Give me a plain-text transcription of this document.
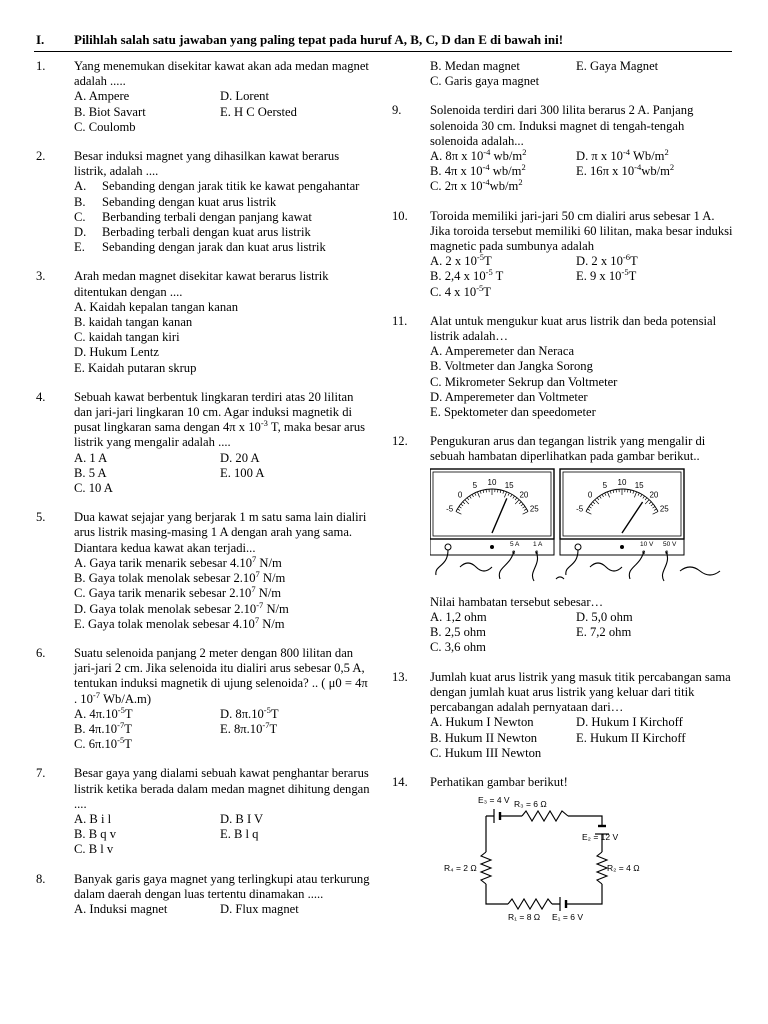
I. Pilihlah salah satu jawaban yang paling tepat pada huruf A, B, C, D dan E di bawah ini!
1. Yang menemukan disekitar kawat akan ada medan magnet adalah .....
A. Ampere	D. Lorent
B. Biot Savart	E. H C Oersted
C. Coulomb
2. Besar induksi magnet yang dihasilkan kawat berarus listrik, adalah ....
A. Sebanding dengan jarak titik ke kawat pengahantar
B. Sebanding dengan kuat arus listrik
C. Berbanding terbali dengan panjang kawat
D. Berbading terbali dengan kuat arus listrik
E. Sebanding dengan jarak dan kuat arus listrik
3. Arah medan magnet disekitar kawat berarus listrik ditentukan dengan ....
A. Kaidah kepalan tangan kanan
B. kaidah tangan kanan
C. kaidah tangan kiri
D. Hukum Lentz
E. Kaidah putaran skrup
4. Sebuah kawat berbentuk lingkaran terdiri atas 20 lilitan dan jari-jari lingkaran 10 cm. Agar induksi magnetik di pusat lingkaran sama dengan 4π x $10^{-3}$ T, maka besar arus listrik yang mengalir adalah ....
A. 1 A	D. 20 A
B. 5 A	E. 100 A
C. 10 A
5. Dua kawat sejajar yang berjarak 1 m satu sama lain dialiri arus listrik masing-masing 1 A dengan arah yang sama. Diantara kedua kawat akan terjadi...
A. Gaya tarik menarik sebesar 4.10$^7$ N/m
B. Gaya tolak menolak sebesar 2.10$^7$ N/m
C. Gaya tarik menarik sebesar 2.10$^7$ N/m
D. Gaya tolak menolak sebesar $2.10^{-7}$ N/m
E. Gaya tolak menolak sebesar 4.10$^7$ N/m
6. Suatu selenoida panjang 2 meter dengan 800 lilitan dan jari-jari 2 cm. Jika selenoida itu dialiri arus sebesar 0,5 A, tentukan induksi magnetik di ujung selenoida? .. ( μ0 = 4π . $10^{-7}$ Wb/A.m)
A. $4\pi.10^{-5}T$	D. $8\pi.10^{-5}T$
B. $4\pi.10^{-7}T$	E. $8\pi.10^{-7}T$
C. $6\pi.10^{-5}T$
7. Besar gaya yang dialami sebuah kawat penghantar berarus listrik ketika berada dalam medan magnet dihitung dengan ....
A. B i l	D. B I V
B. B q v	E. B l q
C. B l v
8. Banyak garis gaya magnet yang terlingkupi atau terkurung dalam daerah dengan luas tertentu dinamakan .....
A. Induksi magnet	D. Flux magnet
B. Medan magnet	E. Gaya Magnet
C. Garis gaya magnet
9. Solenoida terdiri dari 300 lilita berarus 2 A. Panjang solenoida 30 cm. Induksi magnet di tengah-tengah solenoida adalah...
A. 8π x $10^{-4}$ $wb/m^2$	D. π x $10^{-4}$ $Wb/m^2$
B. 4π x $10^{-4}$ $wb/m^2$	E. 16π x $10^{-4}wb/m^2$
C. 2π x $10^{-4}wb/m^2$
10. Toroida memiliki jari-jari 50 cm dialiri arus sebesar 1 A. Jika toroida tersebut memiliki 60 lilitan, maka besar induksi magnetic pada sumbunya adalah
A. 2 x $10^{-5}T$	D. 2 x $10^{-6}T$
B. 2,4 x $10^{-5}$ T	E. 9 x $10^{-5}T$
C. 4 x $10^{-5}T$
11. Alat untuk mengukur kuat arus listrik dan beda potensial listrik adalah…
A. Amperemeter dan Neraca
B. Voltmeter dan Jangka Sorong
C. Mikrometer Sekrup dan Voltmeter
D. Amperemeter dan Voltmeter
E. Spektometer dan speedometer
12. Pengukuran arus dan tegangan listrik yang mengalir di sebuah hambatan diperlihatkan pada gambar berikut..
-5
0
5 10 15
20
25
5 A 1 A
o	o
-5
0
5 10 15
20
25
10 V 50 V
o	o
Nilai hambatan tersebut sebesar…
A. 1,2 ohm	D. 5,0 ohm
B. 2,5 ohm	E. 7,2 ohm
C. 3,6 ohm
13. Jumlah kuat arus listrik yang masuk titik percabangan sama dengan jumlah kuat arus listrik yang keluar dari titik percabangan adalah pernyataan dari…
A. Hukum I Newton	D. Hukum I Kirchoff
B. Hukum II Newton	E. Hukum II Kirchoff
C. Hukum III Newton
14. Perhatikan gambar berikut!
E₃ = 4 V R₃ = 6 Ω
E₂ = 12 V
R₄ = 2 Ω	R₂ = 4 Ω
R₁ = 8 Ω E₁ = 6 V
